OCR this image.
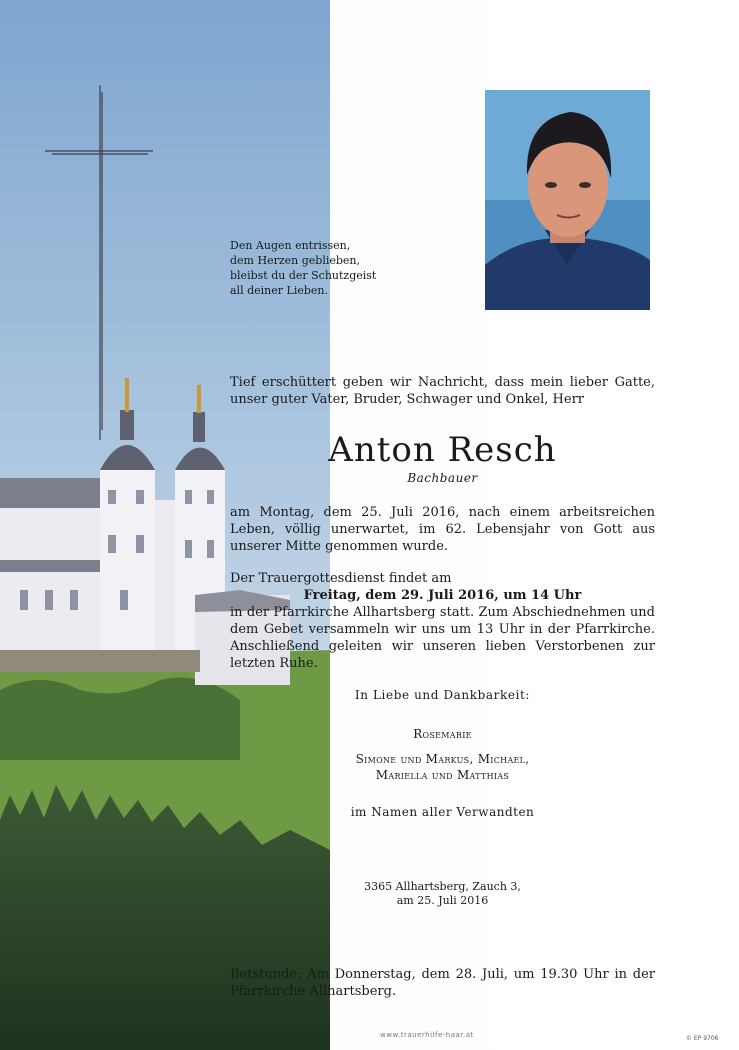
Den Augen entrissen,
dem Herzen geblieben,
bleibst du der Schutzgeist
all deiner Lieben.

Tief erschüttert geben wir Nachricht, dass mein lieber Gatte, unser guter Vater, Bruder, Schwager und Onkel, Herr

Anton Resch
Bachbauer

am Montag, dem 25. Juli 2016, nach einem arbeitsreichen Leben, völlig unerwartet, im 62. Lebensjahr von Gott aus unserer Mitte genommen wurde.

Der Trauergottesdienst findet am

Freitag, dem 29. Juli 2016, um 14 Uhr

in der Pfarrkirche Allhartsberg statt. Zum Abschiednehmen und dem Gebet versammeln wir uns um 13 Uhr in der Pfarrkirche. Anschließend geleiten wir unseren lieben Verstorbenen zur letzten Ruhe.

In Liebe und Dankbarkeit:
Rosemarie
Simone und Markus, Michael,
Mariella und Matthias
im Namen aller Verwandten
3365 Allhartsberg, Zauch 3,
am 25. Juli 2016

Betstunde: Am Donnerstag, dem 28. Juli, um 19.30 Uhr in der Pfarrkirche Allhartsberg.

www.trauerhilfe-haar.at	© EP 9706
